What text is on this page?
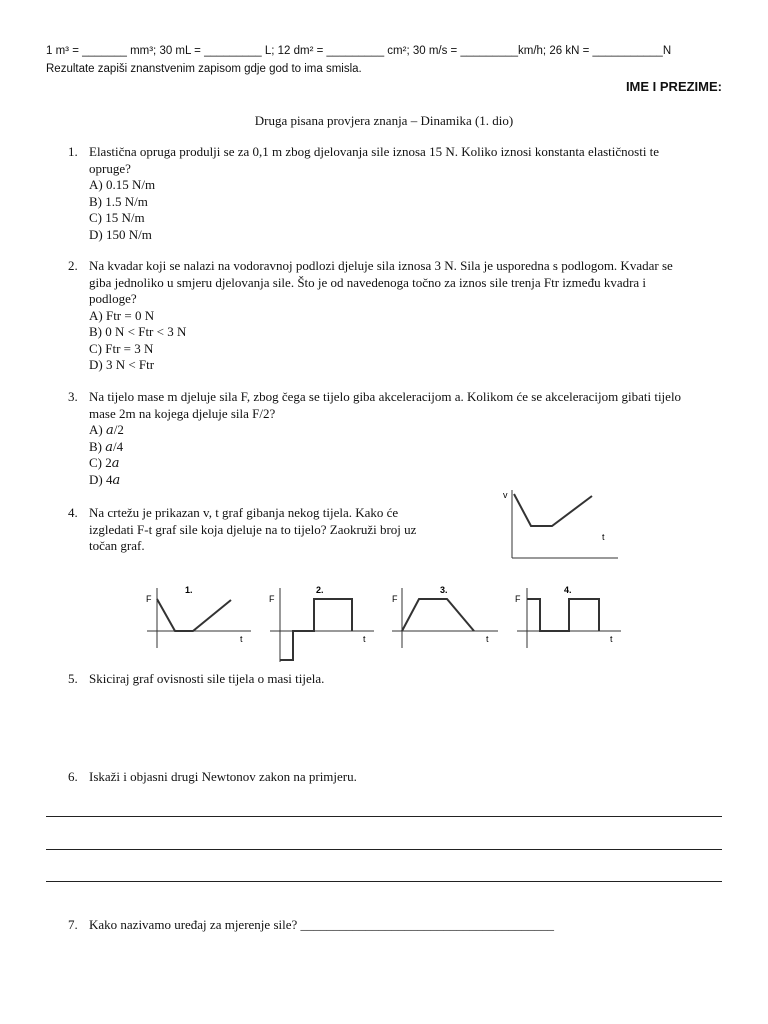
1 m³ = _______ mm³; 30 mL = _________ L; 12 dm² = _________ cm²; 30 m/s = _________km/h; 26 kN = ___________N
Rezultate zapiši znanstvenim zapisom gdje god to ima smisla.
IME I PREZIME:
Druga pisana provjera znanja – Dinamika (1. dio)
1. Elastična opruga produlji se za 0,1 m zbog djelovanja sile iznosa 15 N. Koliko iznosi konstanta elastičnosti te
opruge?
A) 0.15 N/m
B) 1.5 N/m
C) 15 N/m
D) 150 N/m
2. Na kvadar koji se nalazi na vodoravnoj podlozi djeluje sila iznosa 3 N. Sila je usporedna s podlogom. Kvadar se
giba jednoliko u smjeru djelovanja sile. Što je od navedenoga točno za iznos sile trenja Ftr između kvadra i
podloge?
A) Ftr = 0 N
B) 0 N < Ftr < 3 N
C) Ftr = 3 N
D) 3 N < Ftr
3. Na tijelo mase m djeluje sila F, zbog čega se tijelo giba akceleracijom a. Kolikom će se akceleracijom gibati tijelo
mase 2m na kojega djeluje sila F/2?
A) 𝑎/2
B) 𝑎/4
C) 2𝑎
D) 4𝑎
4. Na crtežu je prikazan v, t graf gibanja nekog tijela. Kako će
izgledati F-t graf sile koja djeluje na to tijelo? Zaokruži broj uz
točan graf.
v
t
1.
F
t
2.
F
t
3.
F
t
4.
F
t
5. Skiciraj graf ovisnosti sile tijela o masi tijela.
6. Iskaži i objasni drugi Newtonov zakon na primjeru.
7. Kako nazivamo uređaj za mjerenje sile? _______________________________________
